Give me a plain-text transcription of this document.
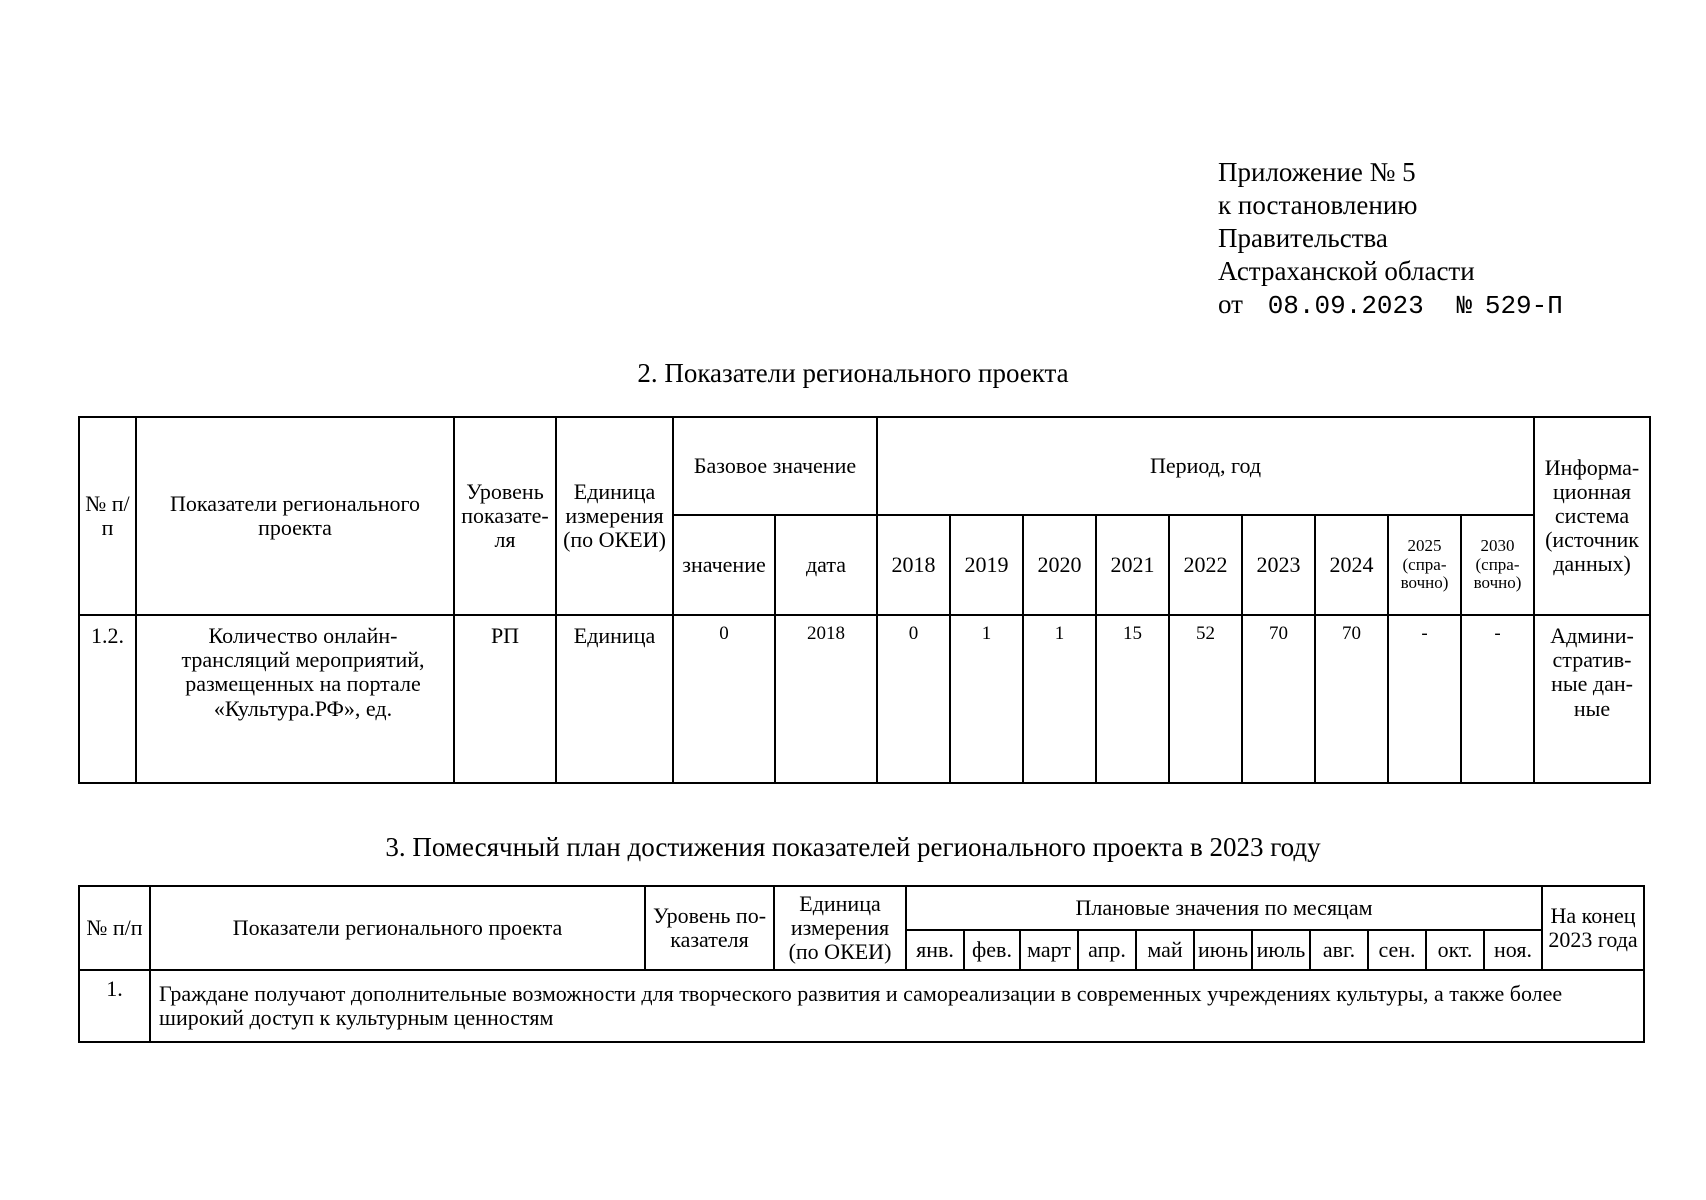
Приложение № 5
к постановлению
Правительства
Астраханской области
от 08.09.2023 № 529-П
2. Показатели регионального проекта
№ п/п	Показатели регионального проекта	Уровень показате-ля	Единица измерения (по ОКЕИ)	Базовое значение		Период, год									Информа-ционная система (источник данных)
				значение	дата	2018	2019	2020	2021	2022	2023	2024	2025 (спра-вочно)	2030 (спра-вочно)	
1.2.	Количество онлайн-трансляций мероприятий, размещенных на портале «Культура.РФ», ед.	РП	Единица	0	2018	0	1	1	15	52	70	70	-	-	Админи-стратив-ные дан-ные
3. Помесячный план достижения показателей регионального проекта в 2023 году
№ п/п	Показатели регионального проекта	Уровень по-казателя	Единица измерения (по ОКЕИ)	Плановые значения по месяцам											На конец 2023 года
				янв.	фев.	март	апр.	май	июнь	июль	авг.	сен.	окт.	ноя.	
1.	Граждане получают дополнительные возможности для творческого развития и самореализации в современных учреждениях культуры, а также более широкий доступ к культурным ценностям														
